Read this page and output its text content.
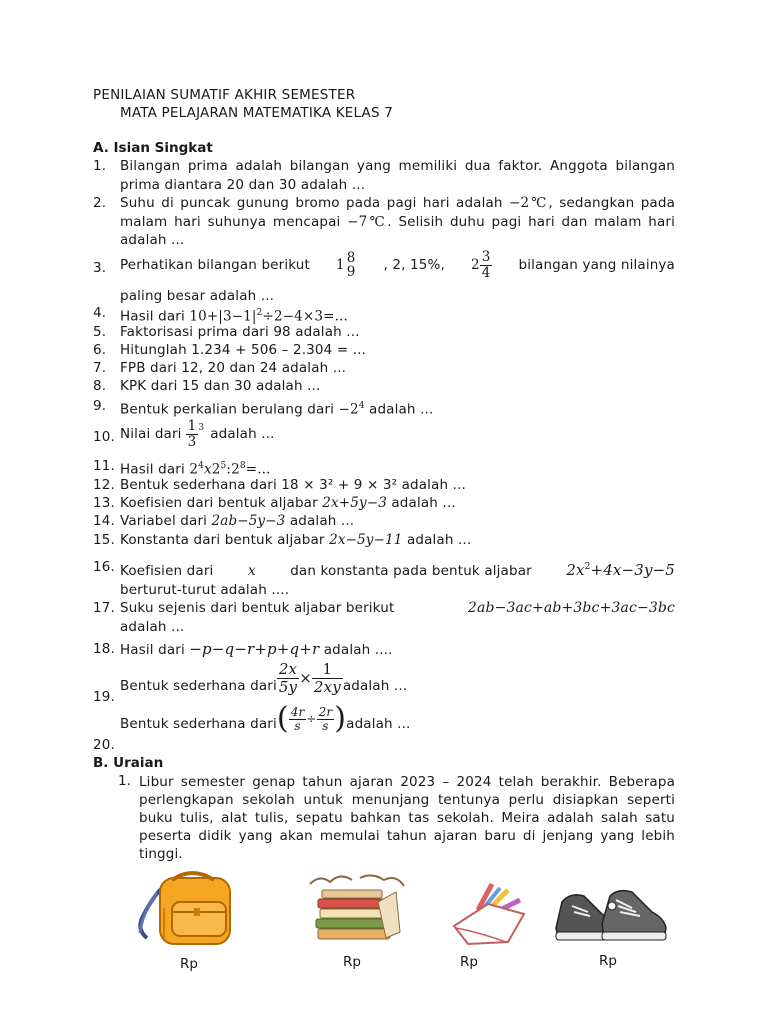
PENILAIAN SUMATIF AKHIR SEMESTER
MATA PELAJARAN MATEMATIKA KELAS 7
A. Isian Singkat
1.	Bilangan prima adalah bilangan yang memiliki dua faktor. Anggota bilangan prima diantara 20 dan 30 adalah ...
2.	Suhu di puncak gunung bromo pada pagi hari adalah −2℃, sedangkan pada malam hari suhunya mencapai −7℃. Selisih duhu pagi hari dan malam hari adalah ...
3.	Perhatikan bilangan berikut 1 8
9 , 2, 15%, $2 \frac{3}{4}$ bilangan yang nilainya
paling besar adalah ...
4.	Hasil dari $10+|3-1|^2\div 2-4\times 3=$...
5.	Faktorisasi prima dari 98 adalah ...
6.	Hitunglah 1.234 + 506 – 2.304 = ...
7.	FPB dari 12, 20 dan 24 adalah ...
8.	KPK dari 15 dan 30 adalah ...
9.	Bentuk perkalian berulang dari $-2^4$ adalah ...
10. Nilai dari $\frac{1}{3}^3$ adalah ...
11. Hasil dari $2^4x2^5:2^8=$...
12. Bentuk sederhana dari 18 × 3² + 9 × 3² adalah ...
13. Koefisien dari bentuk aljabar 2x+5y−3 adalah ...
14. Variabel dari 2ab−5y−3 adalah ...
15. Konstanta dari bentuk aljabar 2x−5y−11 adalah ...
16. Koefisien dari	x	dan konstanta pada bentuk aljabar $2x^2+4x-3y-5$
berturut-turut adalah ....
17. Suku sejenis dari bentuk aljabar berikut	2ab−3ac+ab+3bc+3ac−3bc
adalah ...
18. Hasil dari −p−q−r+p+q+r adalah ....
19.
Bentuk sederhana dari $\frac{2x}{5y} \times \frac{1}{2xy}$ adalah ...
20.
Bentuk sederhana dari ( $\frac{4r}{s} \div \frac{2r}{s}$ ) adalah ...
B. Uraian
1. Libur semester genap tahun ajaran 2023 – 2024 telah berakhir. Beberapa perlengkapan sekolah untuk menunjang tentunya perlu disiapkan seperti buku tulis, alat tulis, sepatu bahkan tas sekolah. Meira adalah salah satu peserta didik yang akan memulai tahun ajaran baru di jenjang yang lebih tinggi.
Rp	Rp	Rp	Rp
